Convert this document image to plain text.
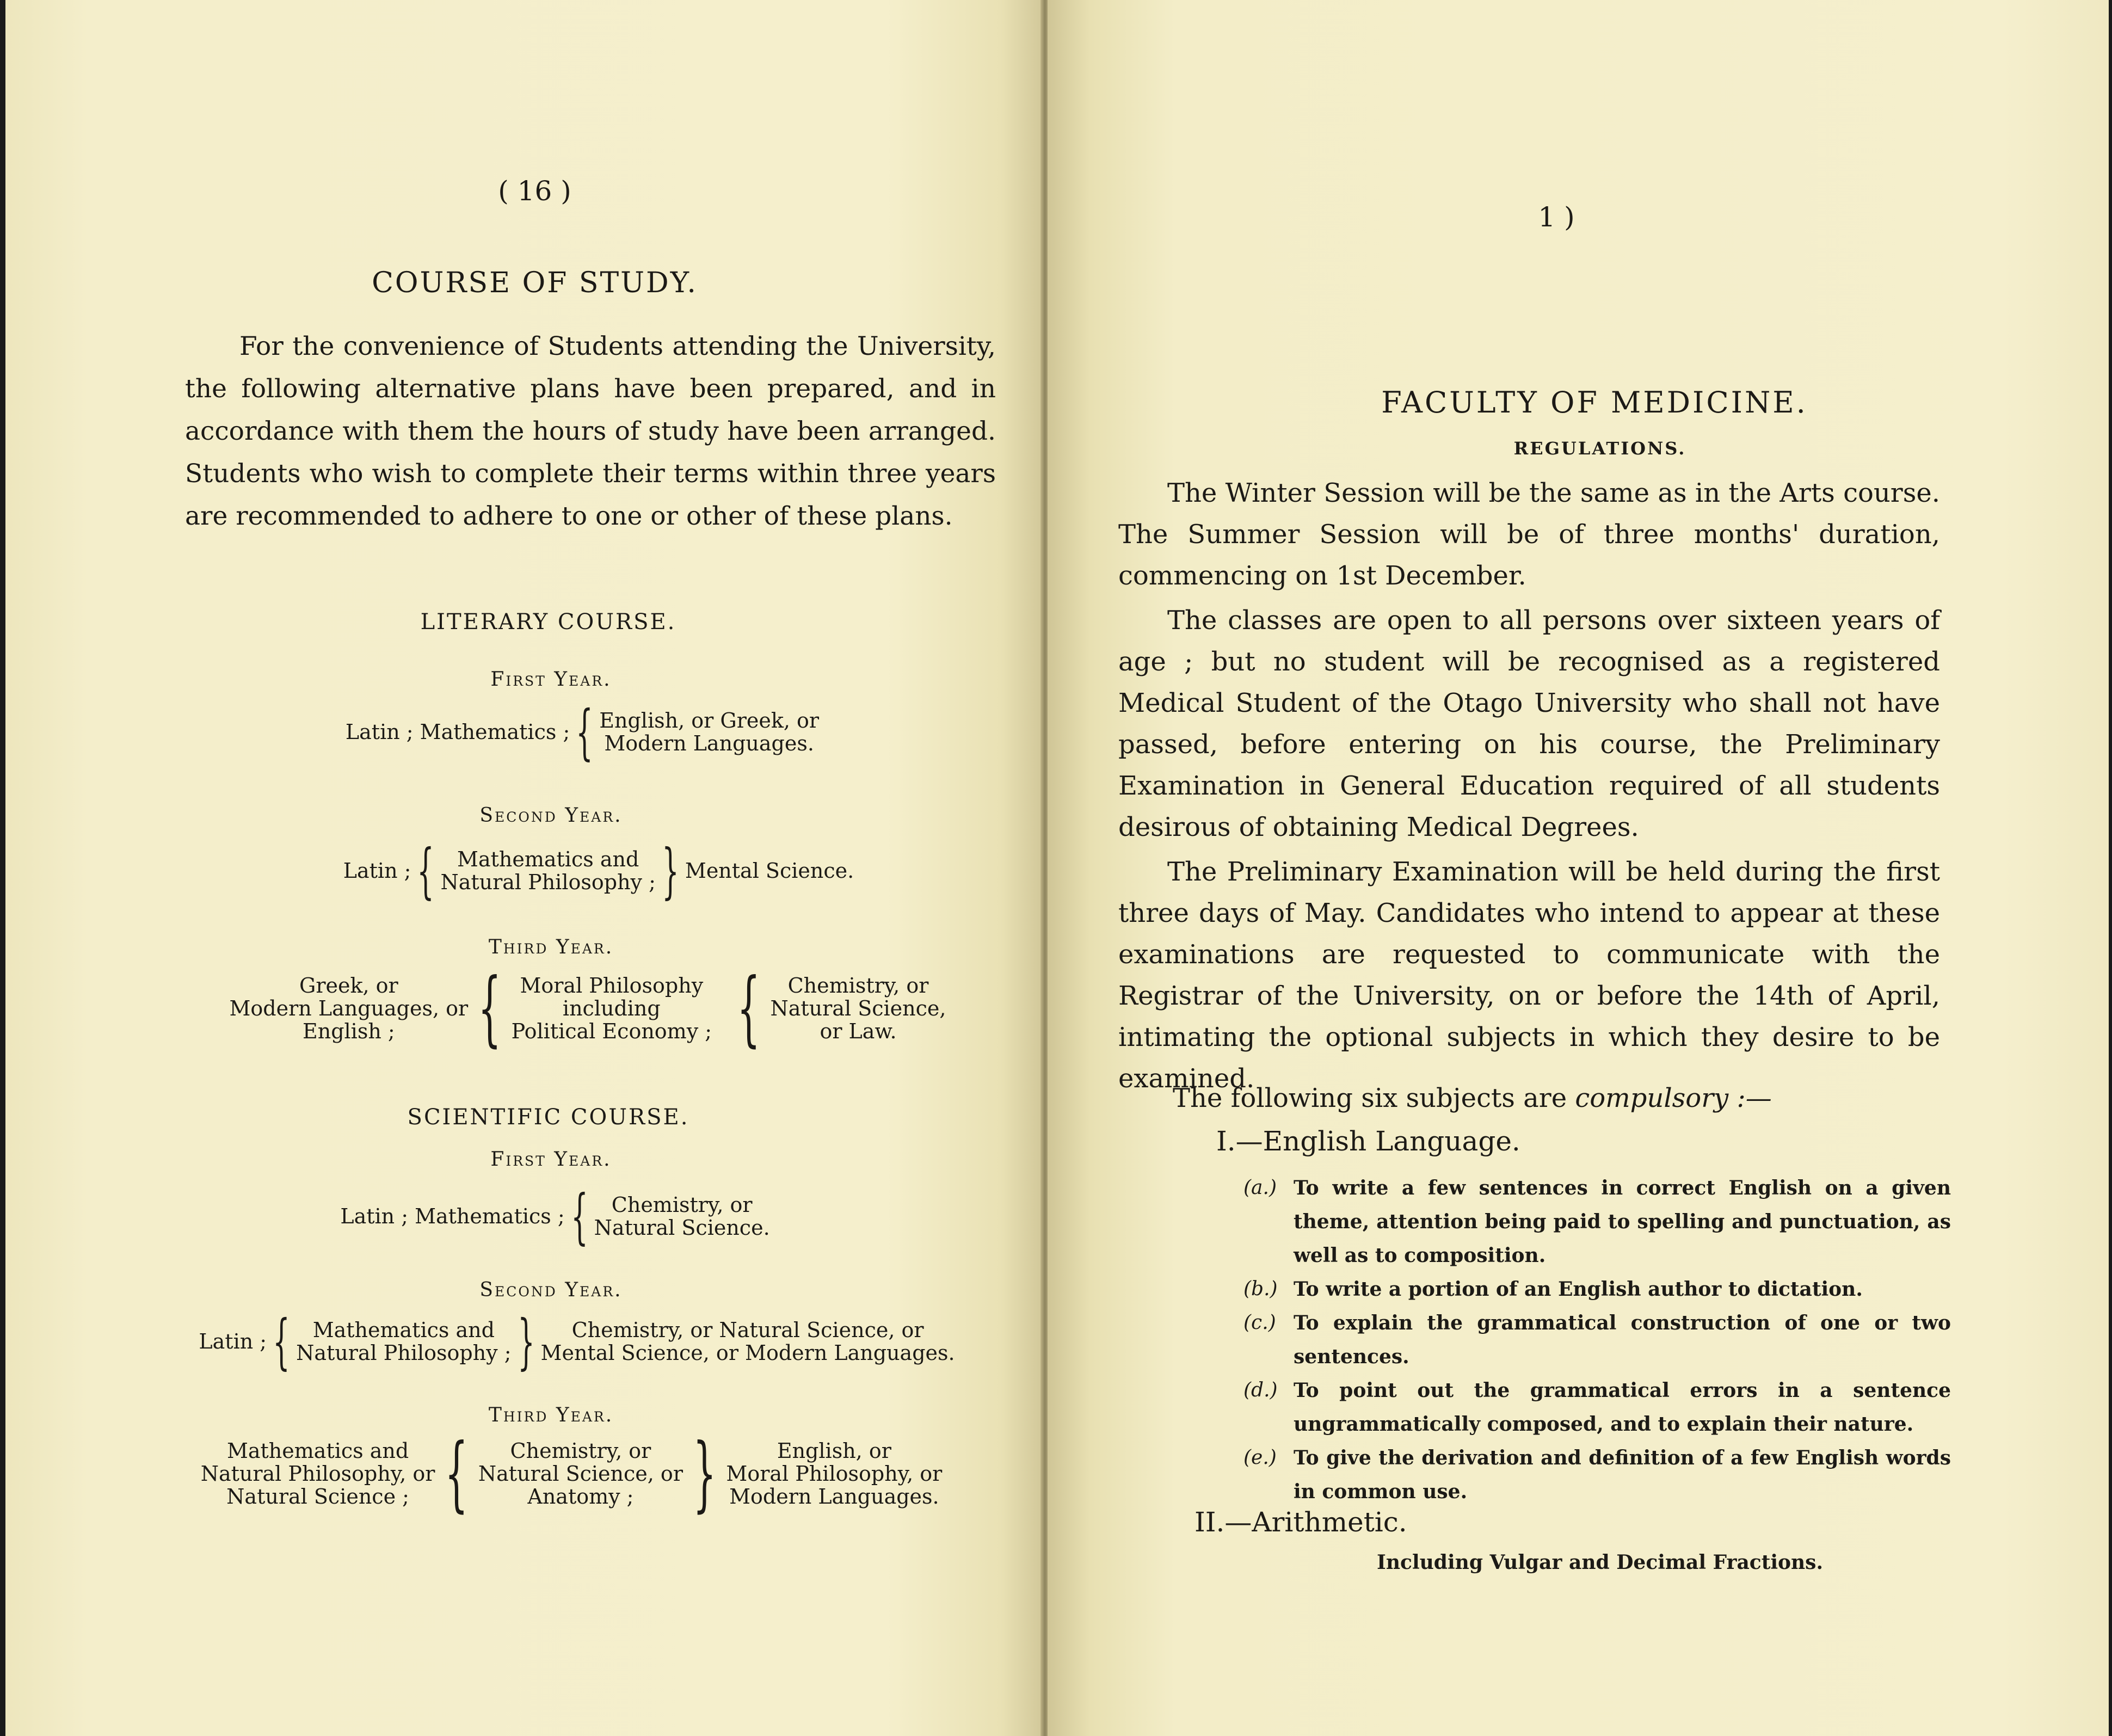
( 16 )
COURSE OF STUDY.

For the convenience of Students attending the University, the following alternative plans have been prepared, and in accordance with them the hours of study have been arranged. Students who wish to complete their terms within three years are recommended to adhere to one or other of these plans.

LITERARY COURSE.
First Year.
Latin ; Mathematics ; { English, or Greek, or
Modern Languages.
Second Year.
Latin ; {	Mathematics and
Natural Philosophy ; } Mental Science.
Third Year.
Greek, or
Modern Languages, or
English ;	{ Moral Philosophy
including
Political Economy ; {	Chemistry, or
Natural Science,
or Law.
SCIENTIFIC COURSE.
First Year.
Latin ; Mathematics ; {	Chemistry, or
Natural Science.
Second Year.
Latin ; {	Mathematics and
Natural Philosophy ; }	Chemistry, or Natural Science, or
Mental Science, or Modern Languages.
Third Year.
Mathematics and
Natural Philosophy, or
Natural Science ; {	Chemistry, or
Natural Science, or
Anatomy ; }	English, or
Moral Philosophy, or
Modern Languages.
1 )
FACULTY OF MEDICINE.
REGULATIONS.

The Winter Session will be the same as in the Arts course. The Summer Session will be of three months' duration, commencing on 1st December.

The classes are open to all persons over sixteen years of age ; but no student will be recognised as a registered Medical Student of the Otago University who shall not have passed, before entering on his course, the Preliminary Examination in General Education required of all students desirous of obtaining Medical Degrees.

The Preliminary Examination will be held during the first three days of May. Candidates who intend to appear at these examinations are requested to communicate with the Registrar of the University, on or before the 14th of April, intimating the optional subjects in which they desire to be examined.

The following six subjects are compulsory :—
I.—English Language.
(a.) To write a few sentences in correct English on a given theme, attention being paid to spelling and punctuation, as well as to composition.
(b.) To write a portion of an English author to dictation.
(c.) To explain the grammatical construction of one or two sentences.
(d.) To point out the grammatical errors in a sentence ungrammatically composed, and to explain their nature.
(e.) To give the derivation and definition of a few English words in common use.
II.—Arithmetic.
Including Vulgar and Decimal Fractions.
